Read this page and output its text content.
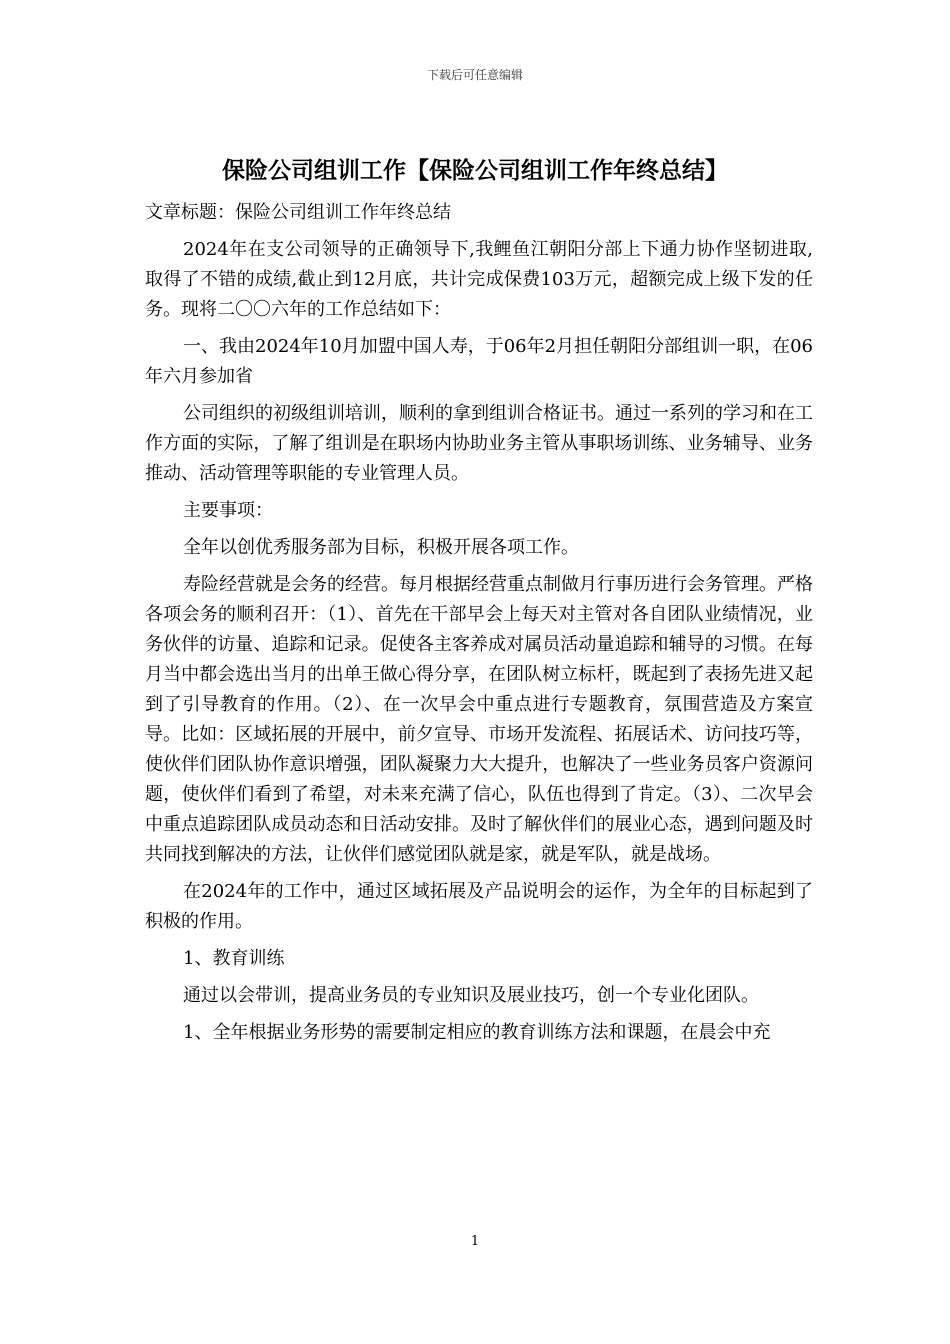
下载后可任意编辑
保险公司组训工作【保险公司组训工作年终总结】

文章标题：保险公司组训工作年终总结

2024年在支公司领导的正确领导下,我鲤鱼江朝阳分部上下通力协作坚韧进取,取得了不错的成绩,截止到12月底，共计完成保费103万元，超额完成上级下发的任务。现将二〇〇六年的工作总结如下：

一、我由2024年10月加盟中国人寿，于06年2月担任朝阳分部组训一职，在06年六月参加省

公司组织的初级组训培训，顺利的拿到组训合格证书。通过一系列的学习和在工作方面的实际，了解了组训是在职场内协助业务主管从事职场训练、业务辅导、业务推动、活动管理等职能的专业管理人员。

主要事项：

全年以创优秀服务部为目标，积极开展各项工作。

寿险经营就是会务的经营。每月根据经营重点制做月行事历进行会务管理。严格各项会务的顺利召开：（1）、首先在干部早会上每天对主管对各自团队业绩情况，业务伙伴的访量、追踪和记录。促使各主客养成对属员活动量追踪和辅导的习惯。在每月当中都会选出当月的出单王做心得分享，在团队树立标杆，既起到了表扬先进又起到了引导教育的作用。（2）、在一次早会中重点进行专题教育，氛围营造及方案宣导。比如：区域拓展的开展中，前夕宣导、市场开发流程、拓展话术、访问技巧等，使伙伴们团队协作意识增强，团队凝聚力大大提升，也解决了一些业务员客户资源问题，使伙伴们看到了希望，对未来充满了信心，队伍也得到了肯定。（3）、二次早会中重点追踪团队成员动态和日活动安排。及时了解伙伴们的展业心态，遇到问题及时共同找到解决的方法，让伙伴们感觉团队就是家，就是军队，就是战场。

在2024年的工作中，通过区域拓展及产品说明会的运作，为全年的目标起到了积极的作用。

1、教育训练

通过以会带训，提高业务员的专业知识及展业技巧，创一个专业化团队。

1、全年根据业务形势的需要制定相应的教育训练方法和课题，在晨会中充

1
